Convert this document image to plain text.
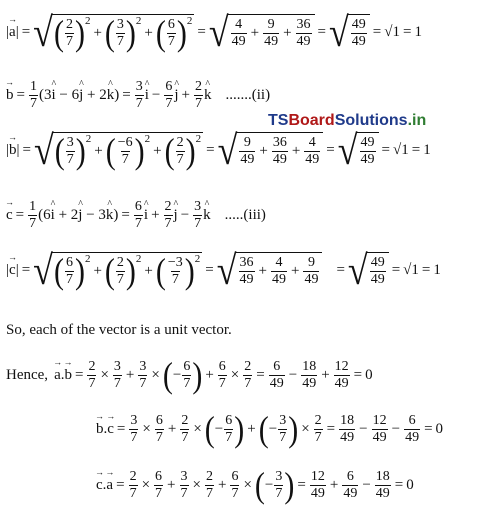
| → a | = √ ( $\frac{2}{7}$ ) 2
+ ( $\frac{3}{7}$ ) 2
+ ( $\frac{6}{7}$ ) 2
= √ $\frac{4}{49} + \frac{9}{49} + \frac{36}{49}$ = √ $\frac{49}{49} = √1 = 1$
→ $b = \frac{1}{7}$ (3^ i − 6^ j + 2^ $k) = \frac{3}{7}$ ^ $i - \frac{6}{7}$ ^ $j + \frac{2}{7}$ ^ k .......(ii)
TSBoardSolutions.in
| → b | = √ ( $\frac{3}{7}$ ) 2
+ ( $\frac{-6}{7}$ ) 2
+ ( $\frac{2}{7}$ ) 2
= √ $\frac{9}{49} + \frac{36}{49} + \frac{4}{49}$ = √ $\frac{49}{49} = √1 = 1$
→ $c = \frac{1}{7}$ (6^ i + 2^ j − 3^ $k) = \frac{6}{7}$ ^ $i + \frac{2}{7}$ ^ $j - \frac{3}{7}$ ^ k .....(iii)
| → c | = √ ( $\frac{6}{7}$ ) 2
+ ( $\frac{2}{7}$ ) 2
+ ( $\frac{-3}{7}$ ) 2
= √ $\frac{36}{49} + \frac{4}{49} + \frac{9}{49}$ = √ $\frac{49}{49} = √1 = 1$
So, each of the vector is a unit vector.
Hence, → a . → $b = \frac{2}{7} \times \frac{3}{7} + \frac{3}{7}$ × ( − $\frac{6}{7}$ ) + $\frac{6}{7} \times \frac{2}{7} = \frac{6}{49} - \frac{18}{49} + \frac{12}{49} = 0$
→ b . → $c = \frac{3}{7} \times \frac{6}{7} + \frac{2}{7}$ × ( − $\frac{6}{7}$ ) + ( − $\frac{3}{7}$ ) × $\frac{2}{7} = \frac{18}{49} - \frac{12}{49} - \frac{6}{49} = 0$
→ c . → $a = \frac{2}{7} \times \frac{6}{7} + \frac{3}{7} \times \frac{2}{7} + \frac{6}{7}$ × ( − $\frac{3}{7}$ ) = $\frac{12}{49} + \frac{6}{49} - \frac{18}{49} = 0$
